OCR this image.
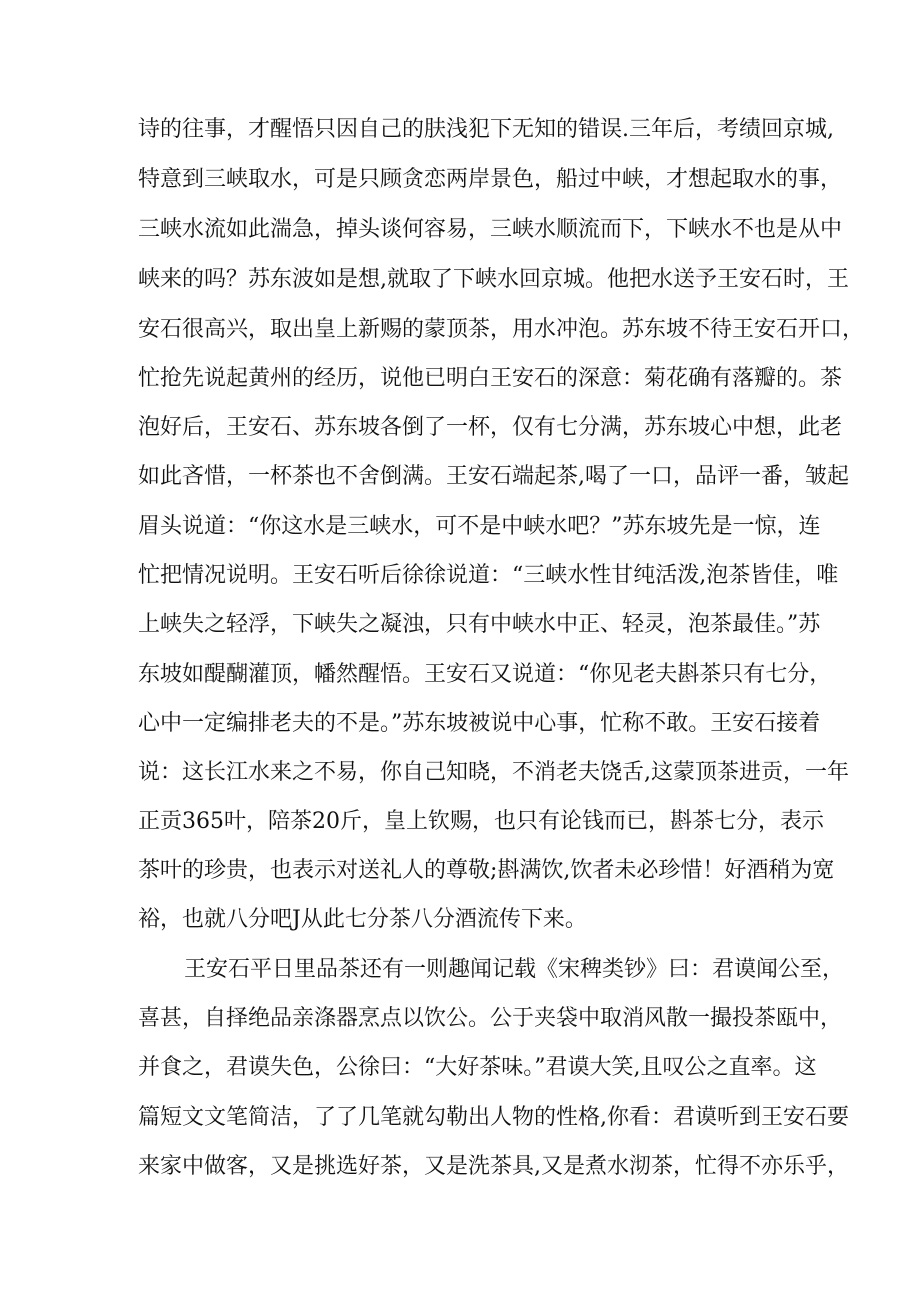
诗的往事，才醒悟只因自己的肤浅犯下无知的错误.三年后，考绩回京城,

特意到三峡取水，可是只顾贪恋两岸景色，船过中峡，才想起取水的事，

三峡水流如此湍急，掉头谈何容易，三峡水顺流而下，下峡水不也是从中

峡来的吗？苏东波如是想,就取了下峡水回京城。他把水送予王安石时，王

安石很高兴，取出皇上新赐的蒙顶茶，用水冲泡。苏东坡不待王安石开口，

忙抢先说起黄州的经历，说他已明白王安石的深意：菊花确有落瓣的。茶

泡好后，王安石、苏东坡各倒了一杯，仅有七分满，苏东坡心中想，此老

如此吝惜，一杯茶也不舍倒满。王安石端起茶,喝了一口，品评一番，皱起

眉头说道：“你这水是三峡水，可不是中峡水吧？”苏东坡先是一惊，连

忙把情况说明。王安石听后徐徐说道：“三峡水性甘纯活泼,泡茶皆佳，唯

上峡失之轻浮，下峡失之凝浊，只有中峡水中正、轻灵，泡茶最佳。”苏

东坡如醍醐灌顶，幡然醒悟。王安石又说道：“你见老夫斟茶只有七分，

心中一定编排老夫的不是。”苏东坡被说中心事，忙称不敢。王安石接着

说：这长江水来之不易，你自己知晓，不消老夫饶舌,这蒙顶茶进贡，一年

正贡365叶，陪茶20斤，皇上钦赐，也只有论钱而已，斟茶七分，表示

茶叶的珍贵，也表示对送礼人的尊敬;斟满饮,饮者未必珍惜！好酒稍为宽

裕，也就八分吧J从此七分茶八分酒流传下来。

王安石平日里品茶还有一则趣闻记载《宋稗类钞》曰：君谟闻公至，

喜甚，自择绝品亲涤器烹点以饮公。公于夹袋中取消风散一撮投茶瓯中，

并食之，君谟失色，公徐曰：“大好茶味。”君谟大笑,且叹公之直率。这

篇短文文笔简洁，了了几笔就勾勒出人物的性格,你看：君谟听到王安石要

来家中做客，又是挑选好茶，又是洗茶具,又是煮水沏茶，忙得不亦乐乎，
